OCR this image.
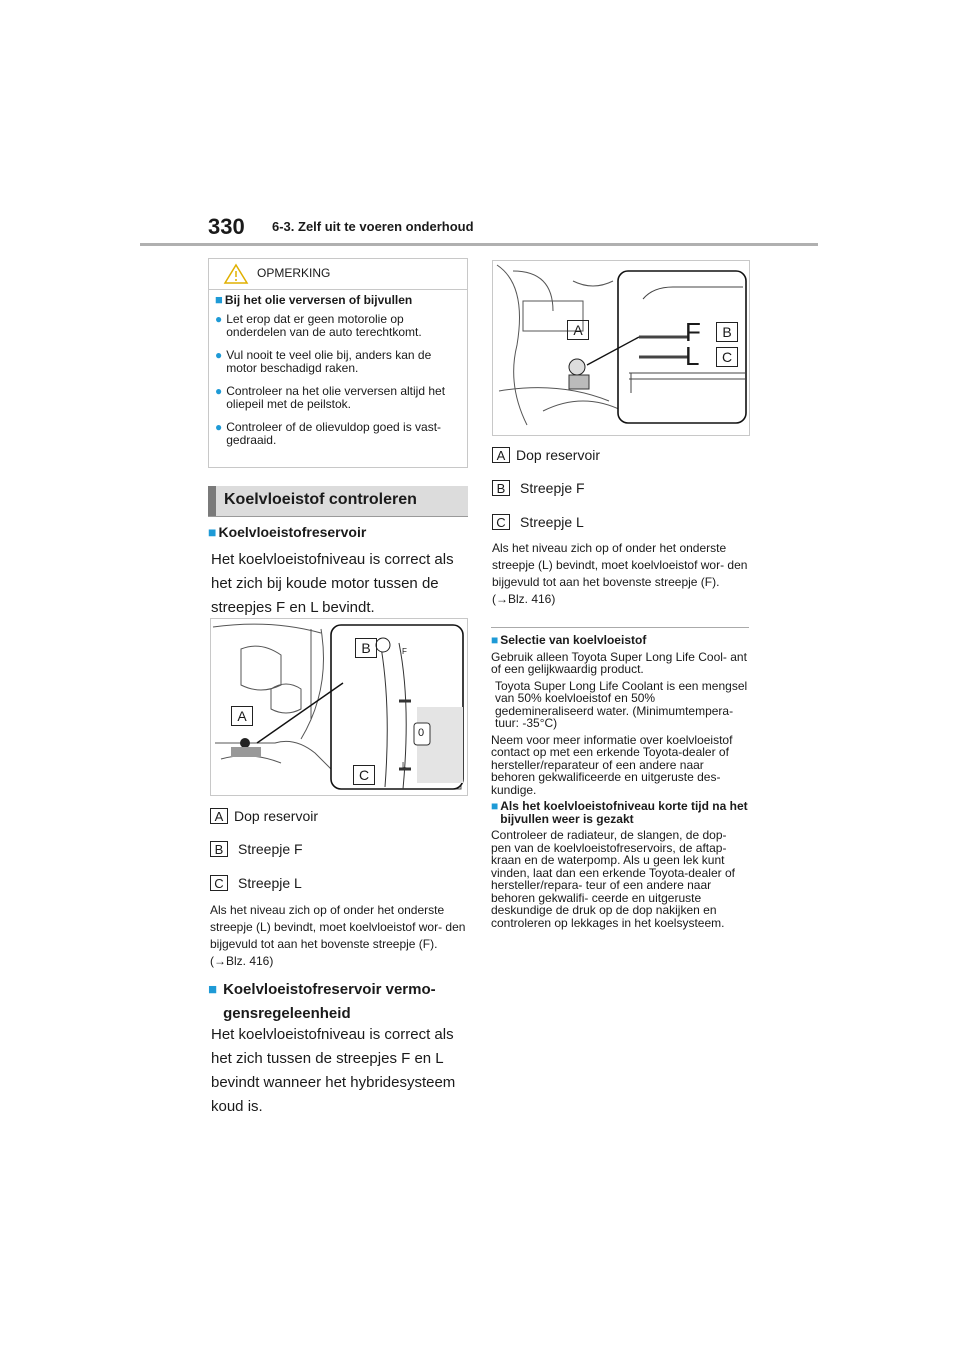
330 6-3. Zelf uit te voeren onderhoud
OPMERKING
■ Bij het olie verversen of bijvullen
● Let erop dat er geen motorolie op onderdelen van de auto terechtkomt.
● Vul nooit te veel olie bij, anders kan de motor beschadigd raken.
● Controleer na het olie verversen altijd het oliepeil met de peilstok.
● Controleer of de olievuldop goed is vast- gedraaid.
Koelvloeistof controleren
■ Koelvloeistofreservoir
Het koelvloeistofniveau is correct als het zich bij koude motor tussen de streepjes F en L bevindt.
B
A
C
F
L
0
A Dop reservoir
B	Streepje F
C	Streepje L
Als het niveau zich op of onder het onderste streepje (L) bevindt, moet koelvloeistof wor- den bijgevuld tot aan het bovenste streepje (F). (→Blz. 416)
■ Koelvloeistofreservoir vermo- gensregeleenheid
Het koelvloeistofniveau is correct als het zich tussen de streepjes F en L bevindt wanneer het hybridesysteem koud is.
A	B
C
F
L
A Dop reservoir
B	Streepje F
C	Streepje L
Als het niveau zich op of onder het onderste streepje (L) bevindt, moet koelvloeistof wor- den bijgevuld tot aan het bovenste streepje (F). (→Blz. 416)

■ Selectie van koelvloeistof

Gebruik alleen Toyota Super Long Life Cool- ant of een gelijkwaardig product.

Toyota Super Long Life Coolant is een mengsel van 50% koelvloeistof en 50% gedemineraliseerd water. (Minimumtempera- tuur: -35°C)

Neem voor meer informatie over koelvloeistof contact op met een erkende Toyota-dealer of hersteller/reparateur of een andere naar behoren gekwalificeerde en uitgeruste des- kundige.

■ Als het koelvloeistofniveau korte tijd na het bijvullen weer is gezakt

Controleer de radiateur, de slangen, de dop- pen van de koelvloeistofreservoirs, de aftap- kraan en de waterpomp. Als u geen lek kunt vinden, laat dan een erkende Toyota-dealer of hersteller/repara- teur of een andere naar behoren gekwalifi- ceerde en uitgeruste deskundige de druk op de dop nakijken en controleren op lekkages in het koelsysteem.
